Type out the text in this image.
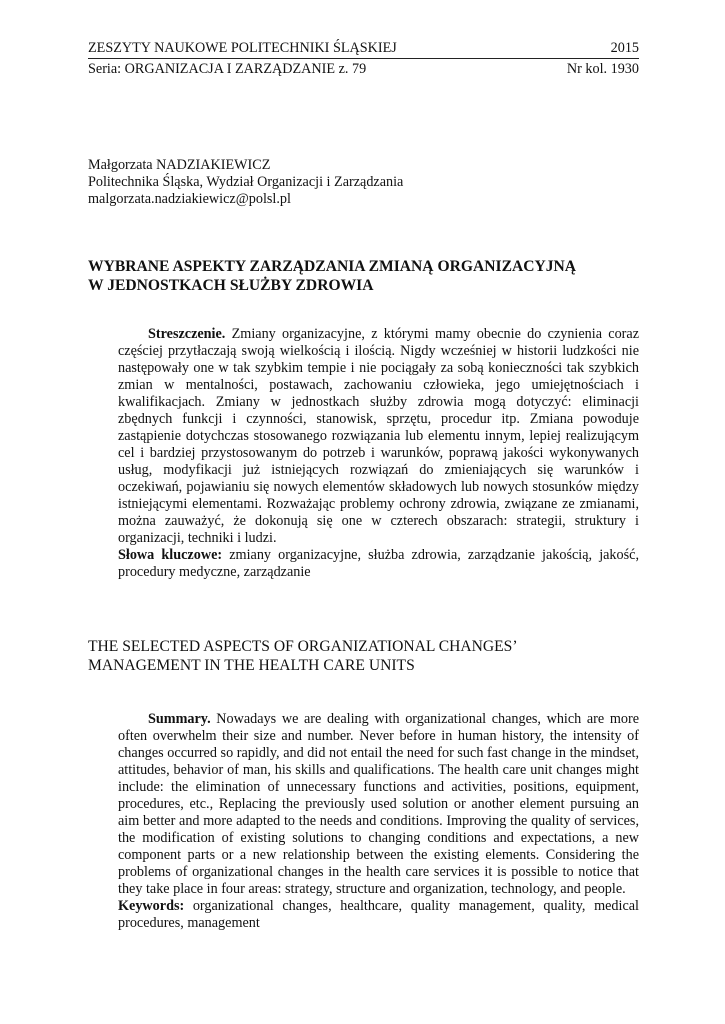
ZESZYTY NAUKOWE POLITECHNIKI ŚLĄSKIEJ	2015
Seria: ORGANIZACJA I ZARZĄDZANIE z. 79	Nr kol. 1930
Małgorzata NADZIAKIEWICZ
Politechnika Śląska, Wydział Organizacji i Zarządzania
malgorzata.nadziakiewicz@polsl.pl
WYBRANE ASPEKTY ZARZĄDZANIA ZMIANĄ ORGANIZACYJNĄ
W JEDNOSTKACH SŁUŻBY ZDROWIA
Streszczenie. Zmiany organizacyjne, z którymi mamy obecnie do czynienia coraz częściej przytłaczają swoją wielkością i ilością. Nigdy wcześniej w historii ludzkości nie następowały one w tak szybkim tempie i nie pociągały za sobą konieczności tak szybkich zmian w mentalności, postawach, zachowaniu człowieka, jego umiejętnościach i kwalifikacjach. Zmiany w jednostkach służby zdrowia mogą dotyczyć: eliminacji zbędnych funkcji i czynności, stanowisk, sprzętu, procedur itp. Zmiana powoduje zastąpienie dotychczas stosowanego rozwiązania lub elementu innym, lepiej realizującym cel i bardziej przystosowanym do potrzeb i warunków, poprawą jakości wykonywanych usług, modyfikacji już istniejących rozwiązań do zmieniających się warunków i oczekiwań, pojawianiu się nowych elementów składowych lub nowych stosunków między istniejącymi elementami. Rozważając problemy ochrony zdrowia, związane ze zmianami, można zauważyć, że dokonują się one w czterech obszarach: strategii, struktury i organizacji, techniki i ludzi.
Słowa kluczowe: zmiany organizacyjne, służba zdrowia, zarządzanie jakością, jakość, procedury medyczne, zarządzanie
THE SELECTED ASPECTS OF ORGANIZATIONAL CHANGES’
MANAGEMENT IN THE HEALTH CARE UNITS
Summary. Nowadays we are dealing with organizational changes, which are more often overwhelm their size and number. Never before in human history, the intensity of changes occurred so rapidly, and did not entail the need for such fast change in the mindset, attitudes, behavior of man, his skills and qualifications. The health care unit changes might include: the elimination of unnecessary functions and activities, positions, equipment, procedures, etc., Replacing the previously used solution or another element pursuing an aim better and more adapted to the needs and conditions. Improving the quality of services, the modification of existing solutions to changing conditions and expectations, a new component parts or a new relationship between the existing elements. Considering the problems of organizational changes in the health care services it is possible to notice that they take place in four areas: strategy, structure and organization, technology, and people.
Keywords: organizational changes, healthcare, quality management, quality, medical procedures, management
